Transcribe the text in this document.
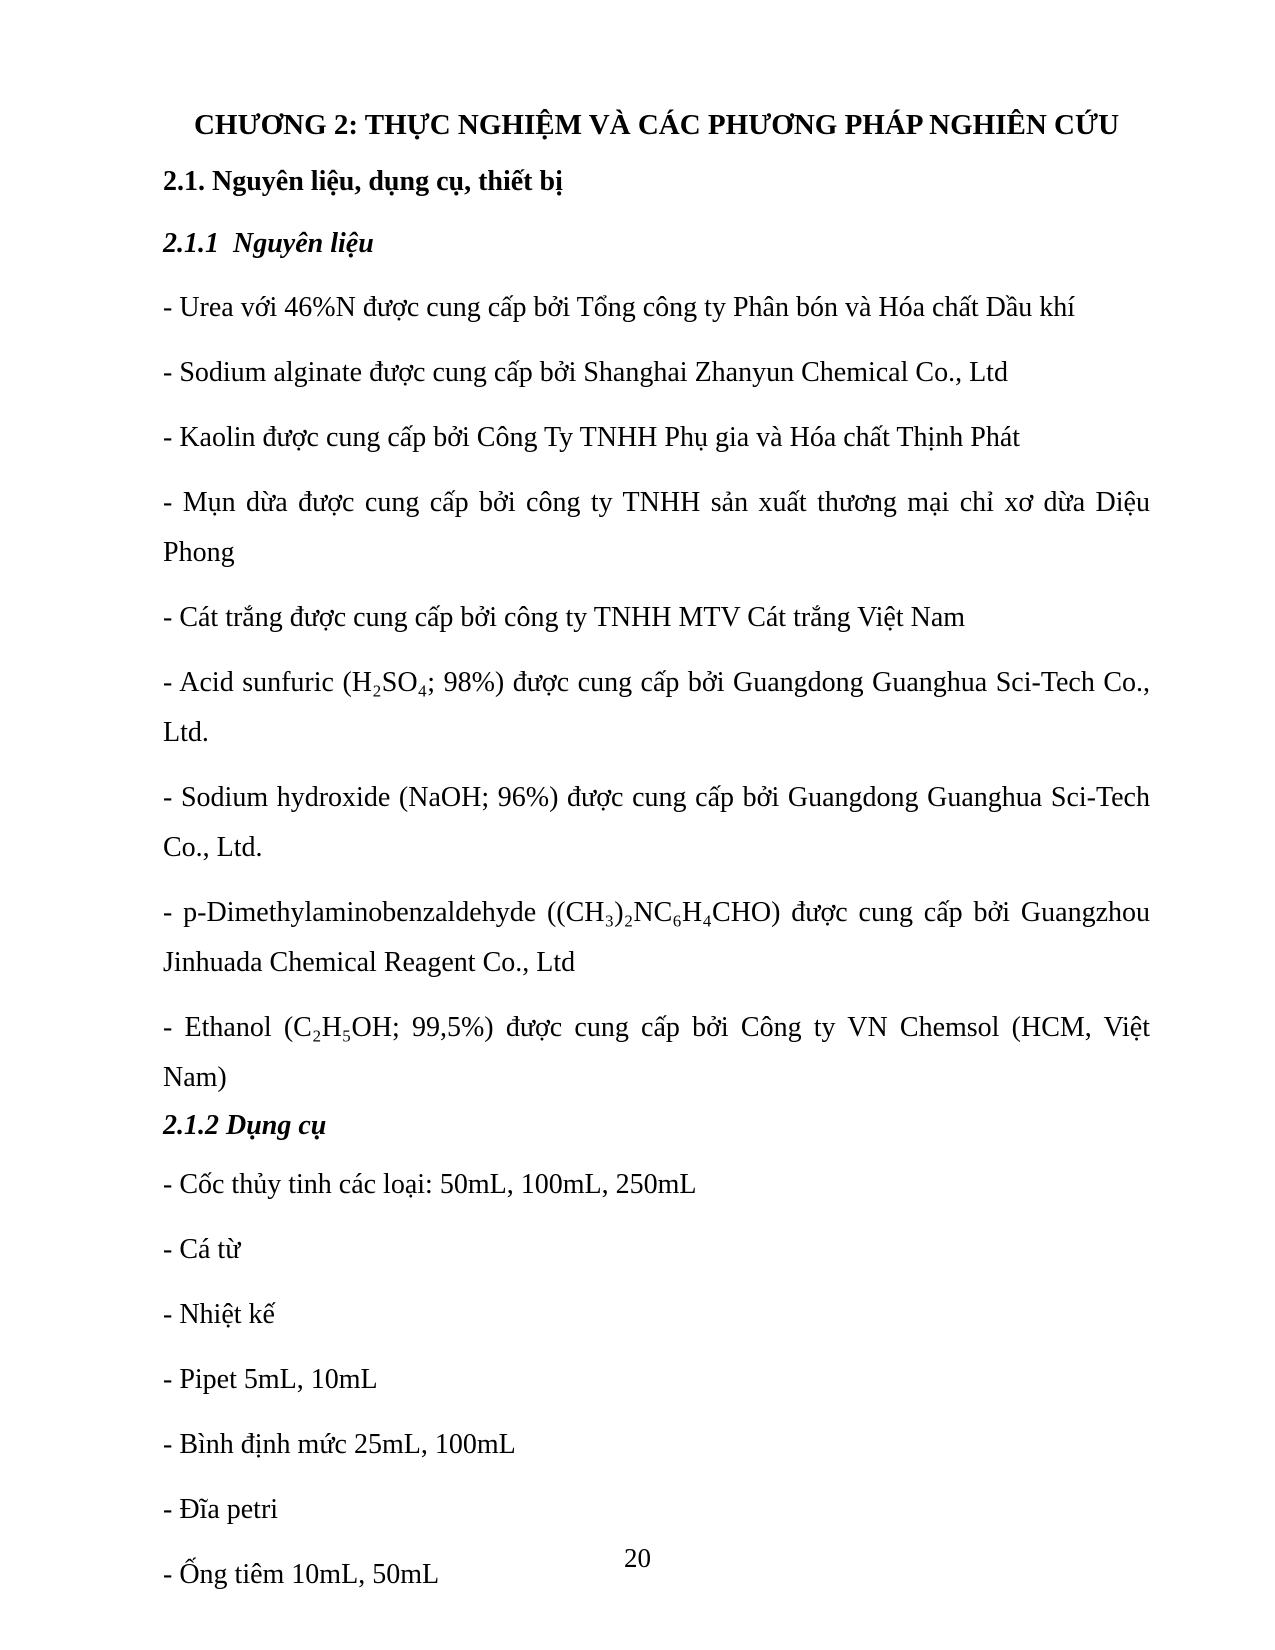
CHƯƠNG 2: THỰC NGHIỆM VÀ CÁC PHƯƠNG PHÁP NGHIÊN CỨU
2.1. Nguyên liệu, dụng cụ, thiết bị
2.1.1  Nguyên liệu

- Urea với 46%N được cung cấp bởi Tổng công ty Phân bón và Hóa chất Dầu khí

- Sodium alginate được cung cấp bởi Shanghai Zhanyun Chemical Co., Ltd

- Kaolin được cung cấp bởi Công Ty TNHH Phụ gia và Hóa chất Thịnh Phát

- Mụn dừa được cung cấp bởi công ty TNHH sản xuất thương mại chỉ xơ dừa Diệu Phong

- Cát trắng được cung cấp bởi công ty TNHH MTV Cát trắng Việt Nam

- Acid sunfuric (H₂SO₄; 98%) được cung cấp bởi Guangdong Guanghua Sci-Tech Co., Ltd.

- Sodium hydroxide (NaOH; 96%) được cung cấp bởi Guangdong Guanghua Sci-Tech Co., Ltd.

- p-Dimethylaminobenzaldehyde ((CH₃)₂NC₆H₄CHO) được cung cấp bởi Guangzhou Jinhuada Chemical Reagent Co., Ltd

- Ethanol (C₂H₅OH; 99,5%) được cung cấp bởi Công ty VN Chemsol (HCM, Việt Nam)

2.1.2 Dụng cụ

- Cốc thủy tinh các loại: 50mL, 100mL, 250mL

- Cá từ

- Nhiệt kế

- Pipet 5mL, 10mL

- Bình định mức 25mL, 100mL

- Đĩa petri

- Ống tiêm 10mL, 50mL

20
